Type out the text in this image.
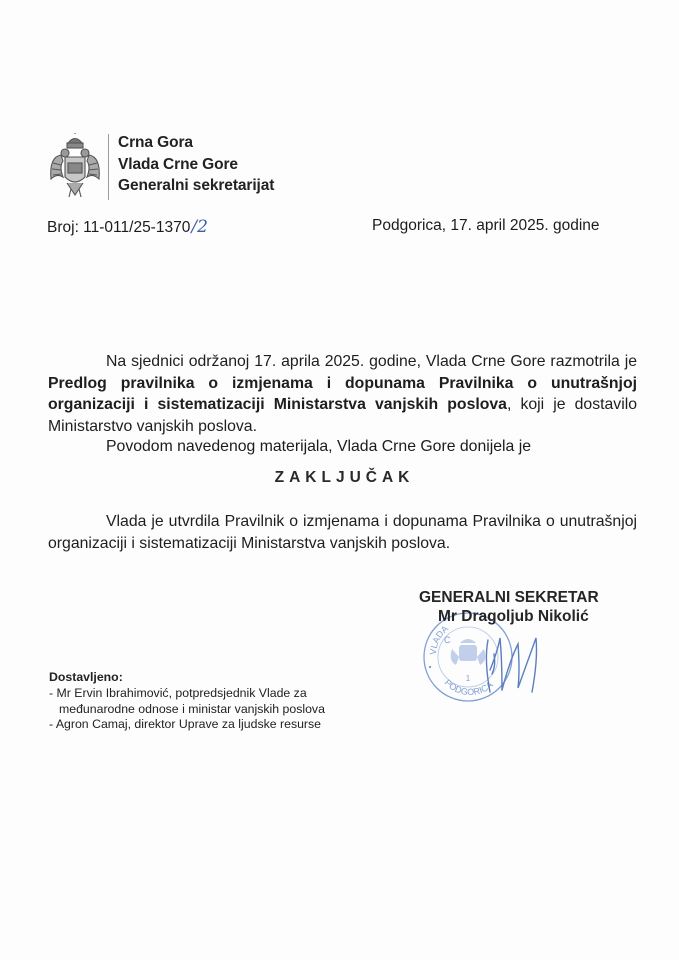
Crna Gora
Vlada Crne Gore
Generalni sekretarijat
Broj: 11-011/25-1370/2	Podgorica, 17. april 2025. godine
Na sjednici održanoj 17. aprila 2025. godine, Vlada Crne Gore razmotrila je Predlog pravilnika o izmjenama i dopunama Pravilnika o unutrašnjoj organizaciji i sistematizaciji Ministarstva vanjskih poslova, koji je dostavilo Ministarstvo vanjskih poslova.
Povodom navedenog materijala, Vlada Crne Gore donijela je
ZAKLJUČAK
Vlada je utvrdila Pravilnik o izmjenama i dopunama Pravilnika o unutrašnjoj organizaciji i sistematizaciji Ministarstva vanjskih poslova.
VLADA
C
1
PODGORICA
GENERALNI SEKRETAR
Mr Dragoljub Nikolić
Dostavljeno:
- Mr Ervin Ibrahimović, potpredsjednik Vlade za
međunarodne odnose i ministar vanjskih poslova
- Agron Camaj, direktor Uprave za ljudske resurse
